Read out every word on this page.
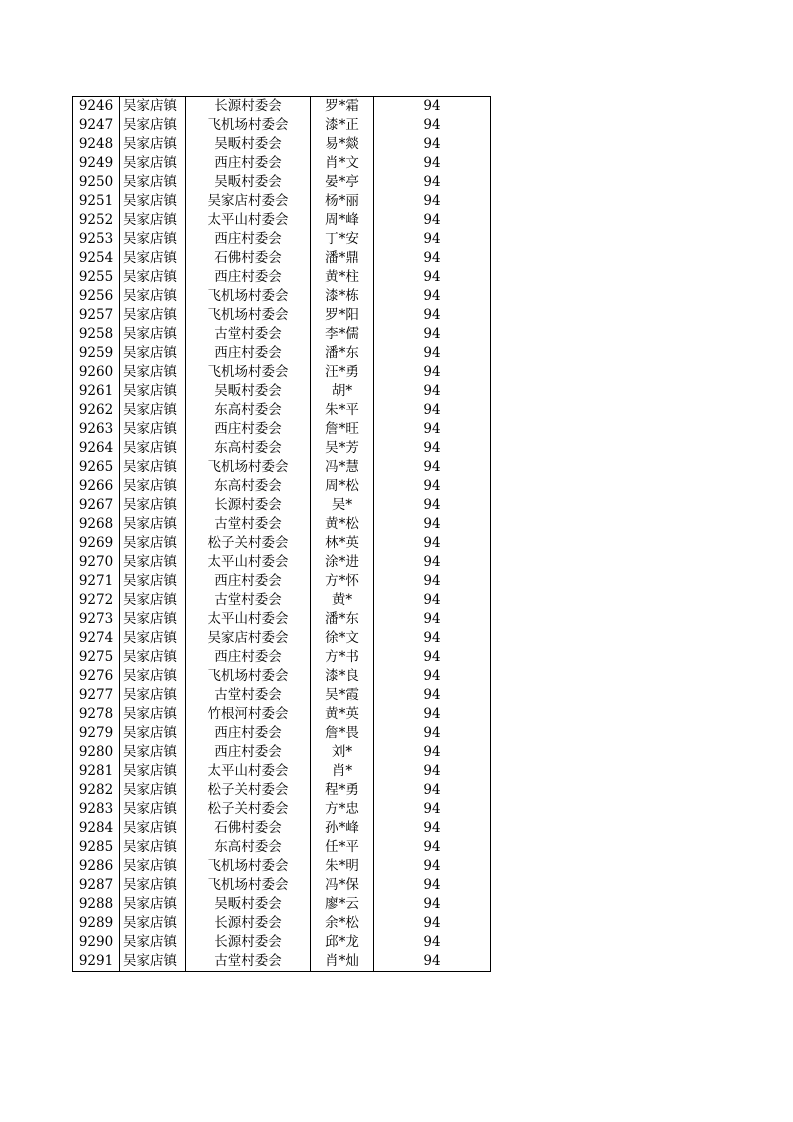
9246	吴家店镇	长源村委会	罗*霜	94
9247	吴家店镇	飞机场村委会	漆*正	94
9248	吴家店镇	吴畈村委会	易*燚	94
9249	吴家店镇	西庄村委会	肖*文	94
9250	吴家店镇	吴畈村委会	晏*亭	94
9251	吴家店镇	吴家店村委会	杨*丽	94
9252	吴家店镇	太平山村委会	周*峰	94
9253	吴家店镇	西庄村委会	丁*安	94
9254	吴家店镇	石佛村委会	潘*鼎	94
9255	吴家店镇	西庄村委会	黄*柱	94
9256	吴家店镇	飞机场村委会	漆*栋	94
9257	吴家店镇	飞机场村委会	罗*阳	94
9258	吴家店镇	古堂村委会	李*儒	94
9259	吴家店镇	西庄村委会	潘*东	94
9260	吴家店镇	飞机场村委会	汪*勇	94
9261	吴家店镇	吴畈村委会	胡*	94
9262	吴家店镇	东高村委会	朱*平	94
9263	吴家店镇	西庄村委会	詹*旺	94
9264	吴家店镇	东高村委会	吴*芳	94
9265	吴家店镇	飞机场村委会	冯*慧	94
9266	吴家店镇	东高村委会	周*松	94
9267	吴家店镇	长源村委会	吴*	94
9268	吴家店镇	古堂村委会	黄*松	94
9269	吴家店镇	松子关村委会	林*英	94
9270	吴家店镇	太平山村委会	涂*进	94
9271	吴家店镇	西庄村委会	方*怀	94
9272	吴家店镇	古堂村委会	黄*	94
9273	吴家店镇	太平山村委会	潘*东	94
9274	吴家店镇	吴家店村委会	徐*文	94
9275	吴家店镇	西庄村委会	方*书	94
9276	吴家店镇	飞机场村委会	漆*良	94
9277	吴家店镇	古堂村委会	吴*霞	94
9278	吴家店镇	竹根河村委会	黄*英	94
9279	吴家店镇	西庄村委会	詹*畏	94
9280	吴家店镇	西庄村委会	刘*	94
9281	吴家店镇	太平山村委会	肖*	94
9282	吴家店镇	松子关村委会	程*勇	94
9283	吴家店镇	松子关村委会	方*忠	94
9284	吴家店镇	石佛村委会	孙*峰	94
9285	吴家店镇	东高村委会	任*平	94
9286	吴家店镇	飞机场村委会	朱*明	94
9287	吴家店镇	飞机场村委会	冯*保	94
9288	吴家店镇	吴畈村委会	廖*云	94
9289	吴家店镇	长源村委会	余*松	94
9290	吴家店镇	长源村委会	邱*龙	94
9291	吴家店镇	古堂村委会	肖*灿	94
